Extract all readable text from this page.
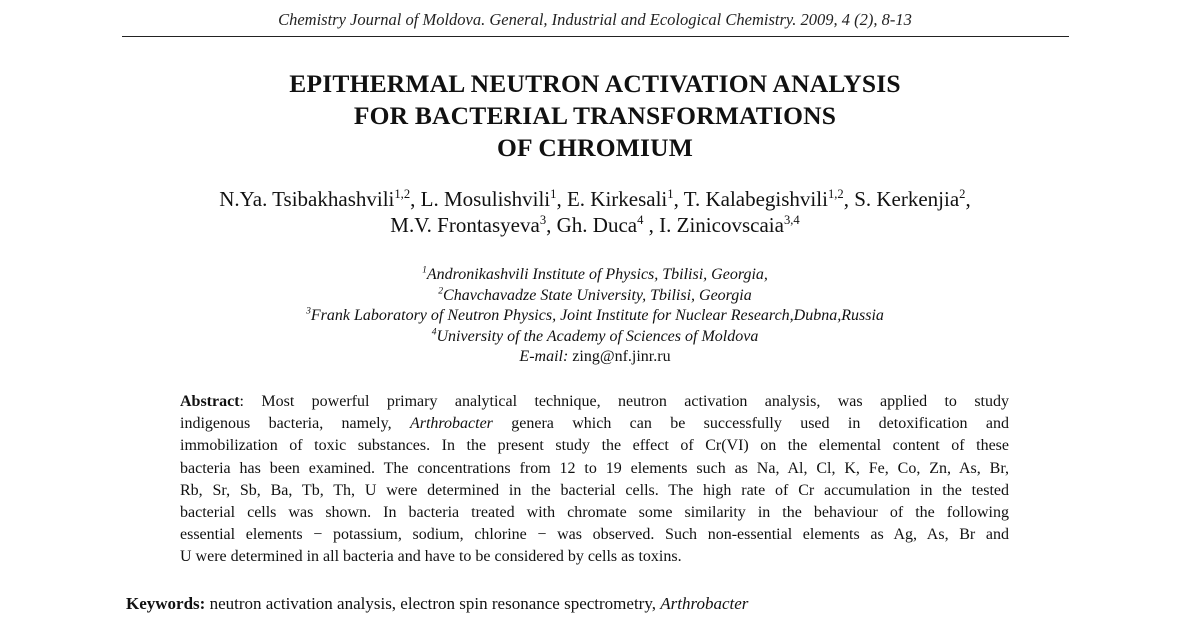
Chemistry Journal of Moldova. General, Industrial and Ecological Chemistry. 2009, 4 (2), 8-13
EPITHERMAL NEUTRON ACTIVATION ANALYSIS
FOR BACTERIAL TRANSFORMATIONS
OF CHROMIUM
N.Ya. Tsibakhashvili$^{1,2}$, L. Mosulishvili$^1$, E. Kirkesali$^1$, T. Kalabegishvili$^{1,2}$, S. Kerkenjia$^2$,
M.V. Frontasyeva$^3$, Gh. Duca$^4$ , I. Zinicovscaia$^{3,4}$
$^1$Andronikashvili Institute of Physics, Tbilisi, Georgia,
$^2$Chavchavadze State University, Tbilisi, Georgia
$^3$Frank Laboratory of Neutron Physics, Joint Institute for Nuclear Research,Dubna,Russia
$^4$University of the Academy of Sciences of Moldova
E-mail: zing@nf.jinr.ru
Abstract: Most powerful primary analytical technique, neutron activation analysis, was applied to study
indigenous bacteria, namely, Arthrobacter genera which can be successfully used in detoxification and
immobilization of toxic substances. In the present study the effect of Cr(VI) on the elemental content of these
bacteria has been examined. The concentrations from 12 to 19 elements such as Na, Al, Cl, K, Fe, Co, Zn, As, Br,
Rb, Sr, Sb, Ba, Tb, Th, U were determined in the bacterial cells. The high rate of Cr accumulation in the tested
bacterial cells was shown. In bacteria treated with chromate some similarity in the behaviour of the following
essential elements − potassium, sodium, chlorine − was observed. Such non-essential elements as Ag, As, Br and
U were determined in all bacteria and have to be considered by cells as toxins.
Keywords: neutron activation analysis, electron spin resonance spectrometry, Arthrobacter
